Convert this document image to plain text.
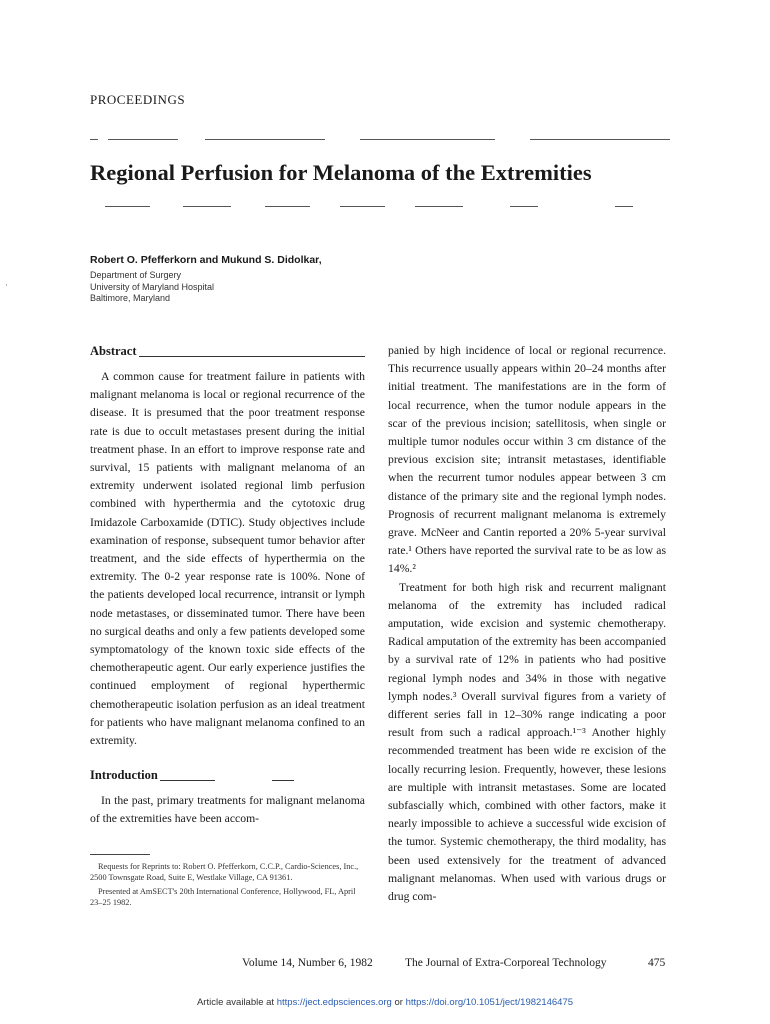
PROCEEDINGS
Regional Perfusion for Melanoma of the Extremities
Robert O. Pfefferkorn and Mukund S. Didolkar,
Department of Surgery
University of Maryland Hospital
Baltimore, Maryland
·
Abstract

A common cause for treatment failure in patients with malignant melanoma is local or regional recurrence of the disease. It is presumed that the poor treatment response rate is due to occult metastases present during the initial treatment phase. In an effort to improve response rate and survival, 15 patients with malignant melanoma of an extremity underwent isolated regional limb perfusion combined with hyperthermia and the cytotoxic drug Imidazole Carboxamide (DTIC). Study objectives include examination of response, subsequent tumor behavior after treatment, and the side effects of hyperthermia on the extremity. The 0-2 year response rate is 100%. None of the patients developed local recurrence, intransit or lymph node metastases, or disseminated tumor. There have been no surgical deaths and only a few patients developed some symptomatology of the known toxic side effects of the chemotherapeutic agent. Our early experience justifies the continued employment of regional hyperthermic chemotherapeutic isolation perfusion as an ideal treatment for patients who have malignant melanoma confined to an extremity.

Introduction

In the past, primary treatments for malignant melanoma of the extremities have been accom-

Requests for Reprints to: Robert O. Pfefferkorn, C.C.P., Cardio-Sciences, Inc., 2500 Townsgate Road, Suite E, Westlake Village, CA 91361.

Presented at AmSECT's 20th International Conference, Hollywood, FL, April 23–25 1982.

panied by high incidence of local or regional recurrence. This recurrence usually appears within 20–24 months after initial treatment. The manifestations are in the form of local recurrence, when the tumor nodule appears in the scar of the previous incision; satellitosis, when single or multiple tumor nodules occur within 3 cm distance of the previous excision site; intransit metastases, identifiable when the recurrent tumor nodules appear between 3 cm distance of the primary site and the regional lymph nodes. Prognosis of recurrent malignant melanoma is extremely grave. McNeer and Cantin reported a 20% 5-year survival rate.¹ Others have reported the survival rate to be as low as 14%.²

Treatment for both high risk and recurrent malignant melanoma of the extremity has included radical amputation, wide excision and systemic chemotherapy. Radical amputation of the extremity has been accompanied by a survival rate of 12% in patients who had positive regional lymph nodes and 34% in those with negative lymph nodes.³ Overall survival figures from a variety of different series fall in 12–30% range indicating a poor result from such a radical approach.¹⁻³ Another highly recommended treatment has been wide re excision of the locally recurring lesion. Frequently, however, these lesions are multiple with intransit metastases. Some are located subfascially which, combined with other factors, make it nearly impossible to achieve a successful wide excision of the tumor. Systemic chemotherapy, the third modality, has been used extensively for the treatment of advanced malignant melanomas. When used with various drugs or drug com-

Volume 14, Number 6, 1982	The Journal of Extra-Corporeal Technology	475
Article available at https://ject.edpsciences.org or https://doi.org/10.1051/ject/1982146475
